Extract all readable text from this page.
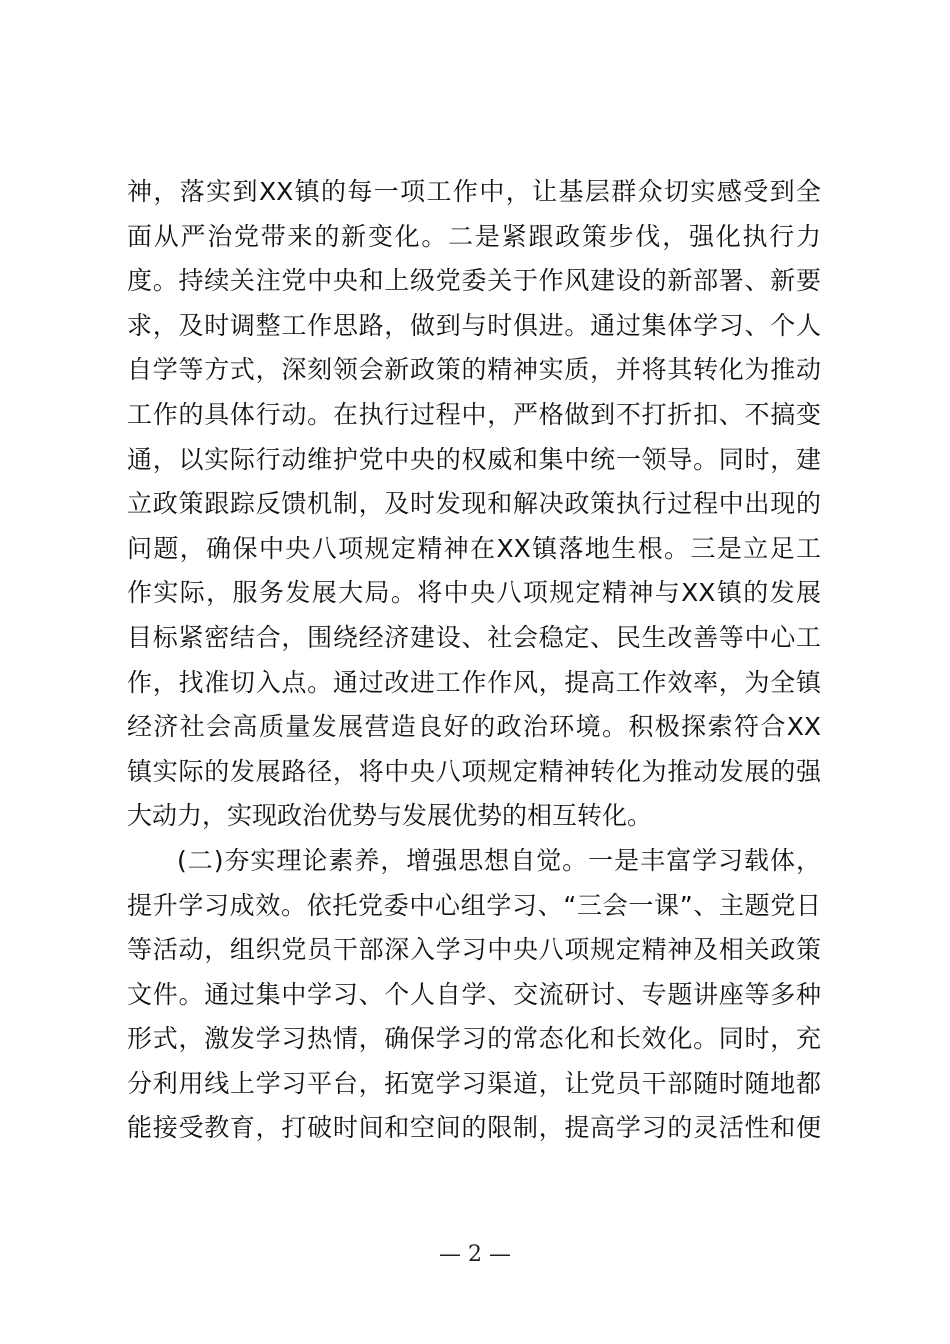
神，落实到XX镇的每一项工作中，让基层群众切实感受到全
面从严治党带来的新变化。二是紧跟政策步伐，强化执行力
度。持续关注党中央和上级党委关于作风建设的新部署、新要
求，及时调整工作思路，做到与时俱进。通过集体学习、个人
自学等方式，深刻领会新政策的精神实质，并将其转化为推动
工作的具体行动。在执行过程中，严格做到不打折扣、不搞变
通，以实际行动维护党中央的权威和集中统一领导。同时，建
立政策跟踪反馈机制，及时发现和解决政策执行过程中出现的
问题，确保中央八项规定精神在XX镇落地生根。三是立足工
作实际，服务发展大局。将中央八项规定精神与XX镇的发展
目标紧密结合，围绕经济建设、社会稳定、民生改善等中心工
作，找准切入点。通过改进工作作风，提高工作效率，为全镇
经济社会高质量发展营造良好的政治环境。积极探索符合XX
镇实际的发展路径，将中央八项规定精神转化为推动发展的强
大动力，实现政治优势与发展优势的相互转化。
(二)夯实理论素养，增强思想自觉。一是丰富学习载体，
提升学习成效。依托党委中心组学习、“三会一课”、主题党日
等活动，组织党员干部深入学习中央八项规定精神及相关政策
文件。通过集中学习、个人自学、交流研讨、专题讲座等多种
形式，激发学习热情，确保学习的常态化和长效化。同时，充
分利用线上学习平台，拓宽学习渠道，让党员干部随时随地都
能接受教育，打破时间和空间的限制，提高学习的灵活性和便
— 2 —
